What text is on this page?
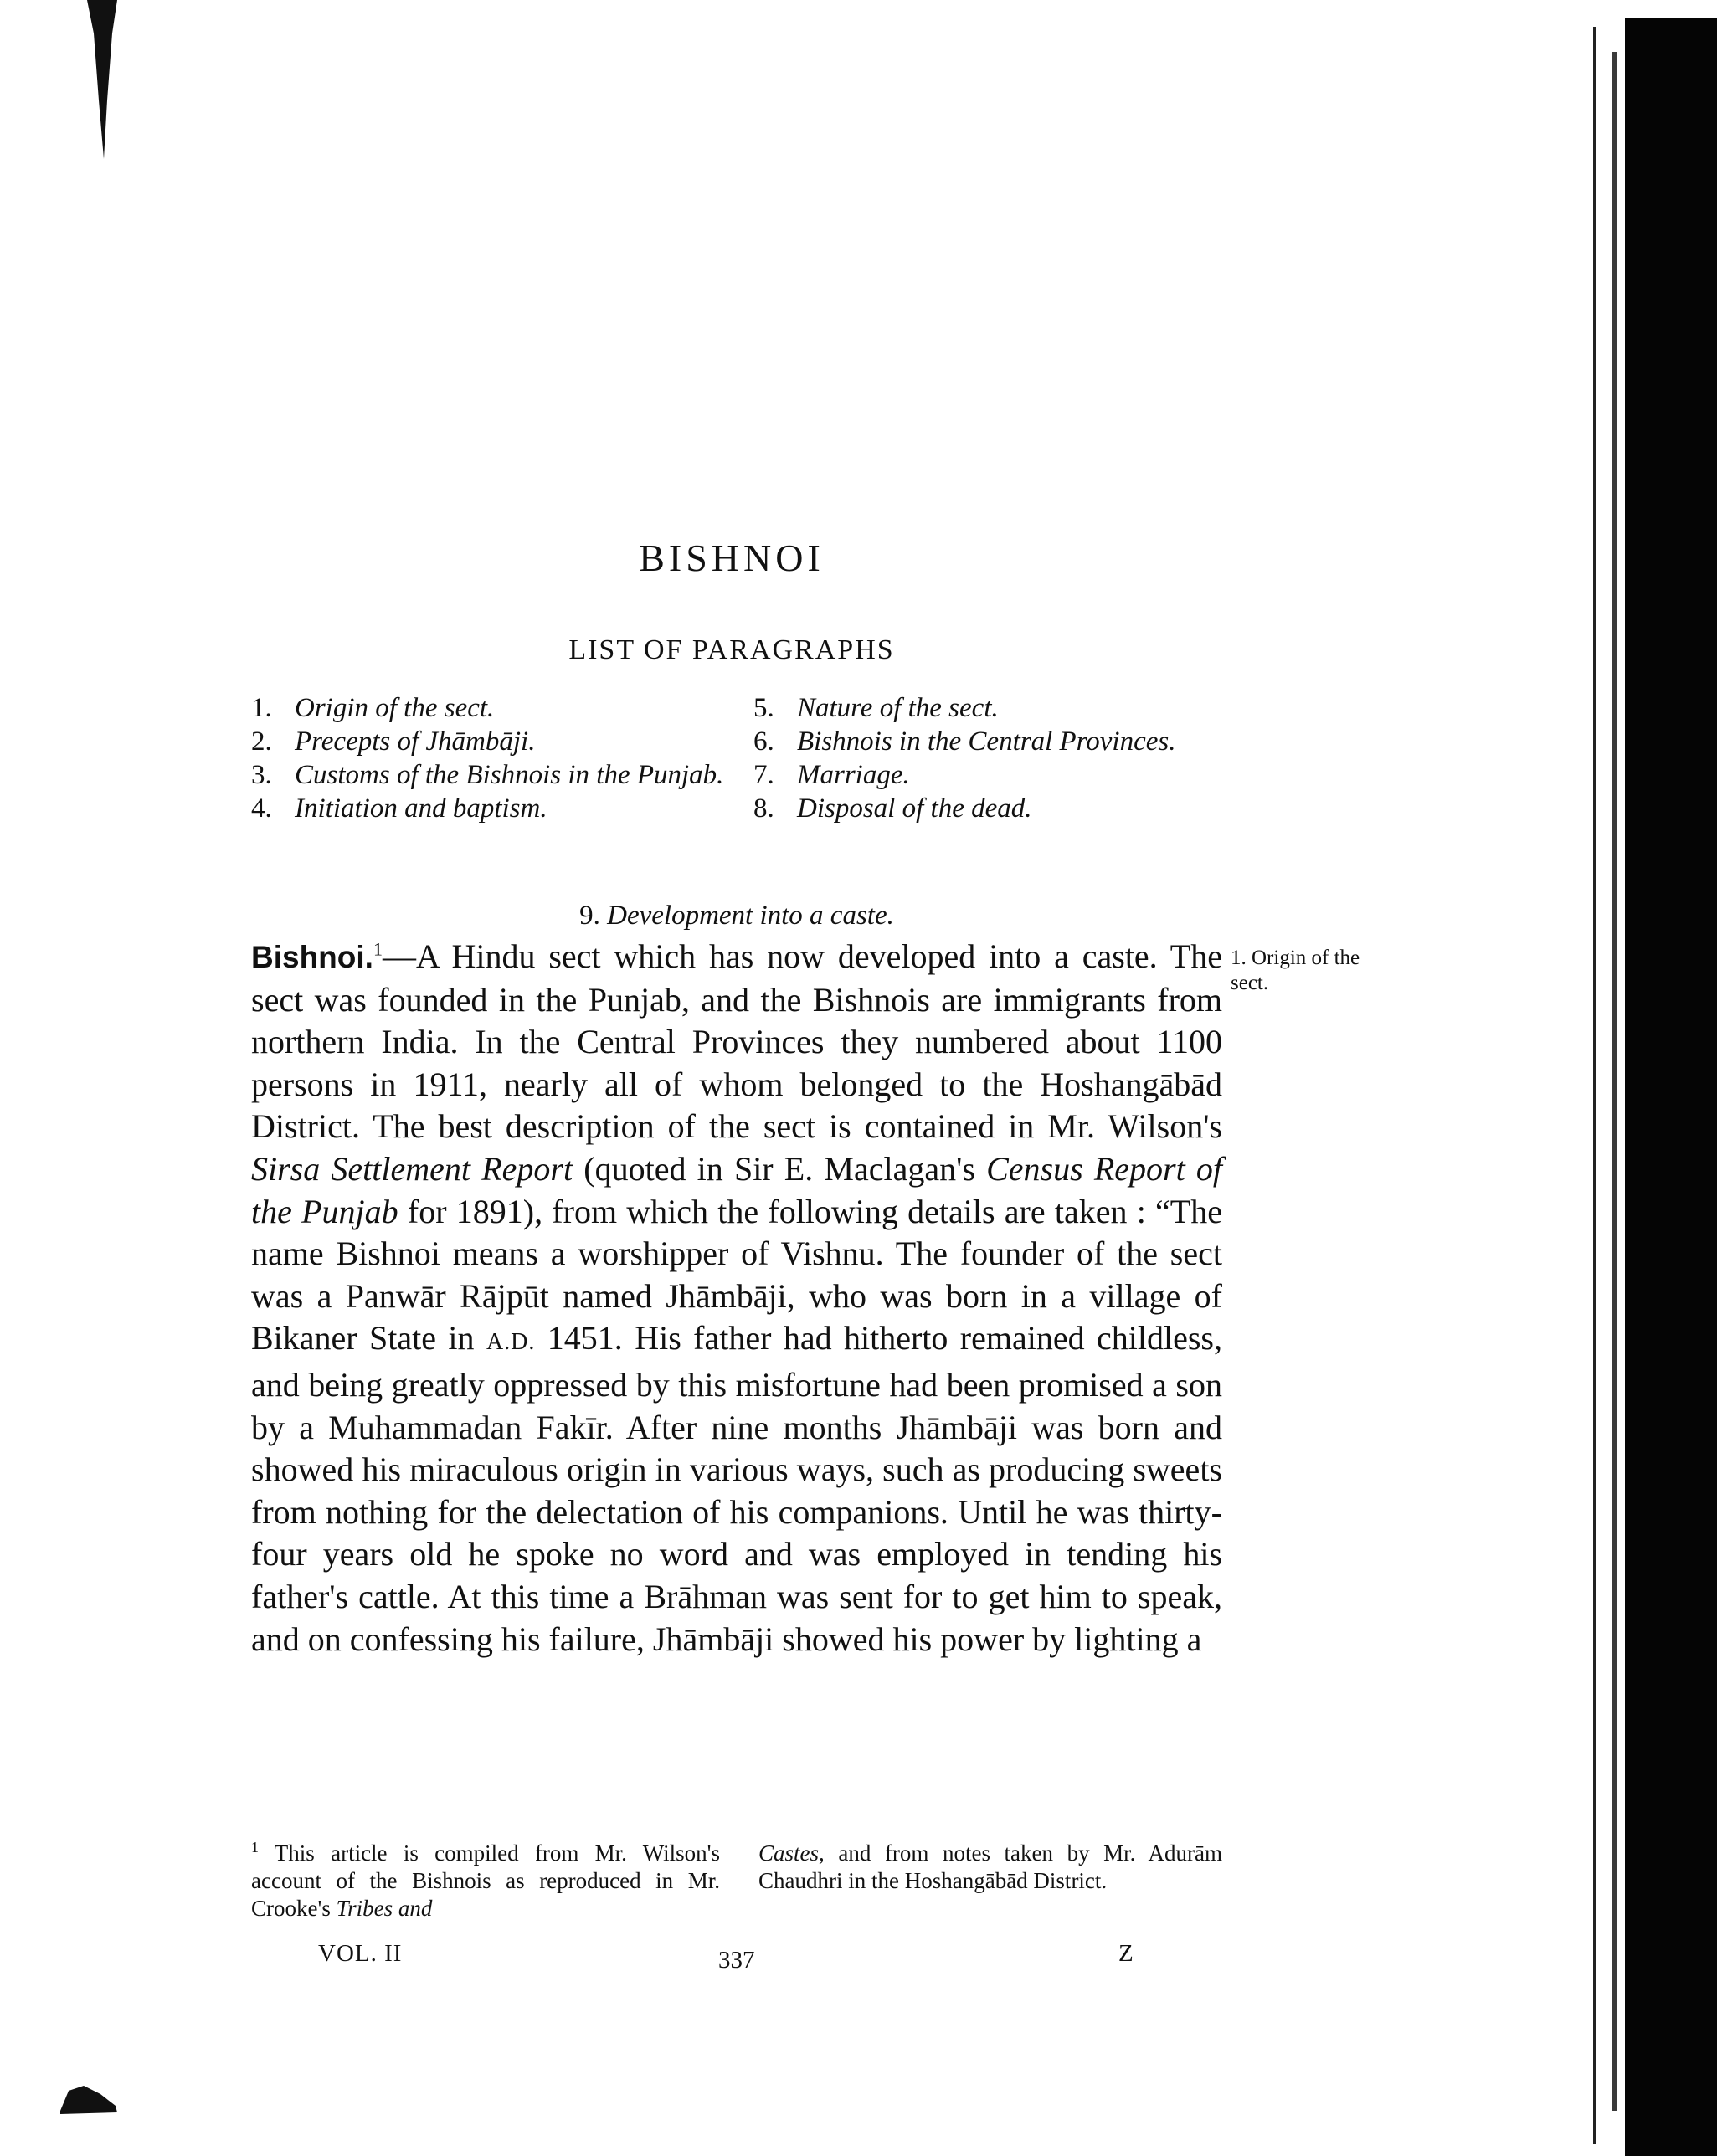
BISHNOI
LIST OF PARAGRAPHS
1. Origin of the sect.
2. Precepts of Jhāmbāji.
3. Customs of the Bishnois in the Punjab.
4. Initiation and baptism.
5. Nature of the sect.
6. Bishnois in the Central Provinces.
7. Marriage.
8. Disposal of the dead.
9. Development into a caste.
Bishnoi.$^1$—A Hindu sect which has now developed into a caste. The sect was founded in the Punjab, and the Bishnois are immigrants from northern India. In the Central Provinces they numbered about 1100 persons in 1911, nearly all of whom belonged to the Hoshangābād District. The best description of the sect is contained in Mr. Wilson's Sirsa Settlement Report (quoted in Sir E. Maclagan's Census Report of the Punjab for 1891), from which the following details are taken : “The name Bishnoi means a worshipper of Vishnu. The founder of the sect was a Panwār Rājpūt named Jhāmbāji, who was born in a village of Bikaner State in A.D. 1451. His father had hitherto remained childless, and being greatly oppressed by this misfortune had been promised a son by a Muhammadan Fakīr. After nine months Jhāmbāji was born and showed his miraculous origin in various ways, such as producing sweets from nothing for the delectation of his companions. Until he was thirty-four years old he spoke no word and was employed in tending his father's cattle. At this time a Brāhman was sent for to get him to speak, and on confessing his failure, Jhāmbāji showed his power by lighting a
1. Origin of the sect.
$^1$ This article is compiled from Mr. Wilson's account of the Bishnois as reproduced in Mr. Crooke's Tribes and
Castes, and from notes taken by Mr. Adurām Chaudhri in the Hoshangābād District.
VOL. II	337	Z
